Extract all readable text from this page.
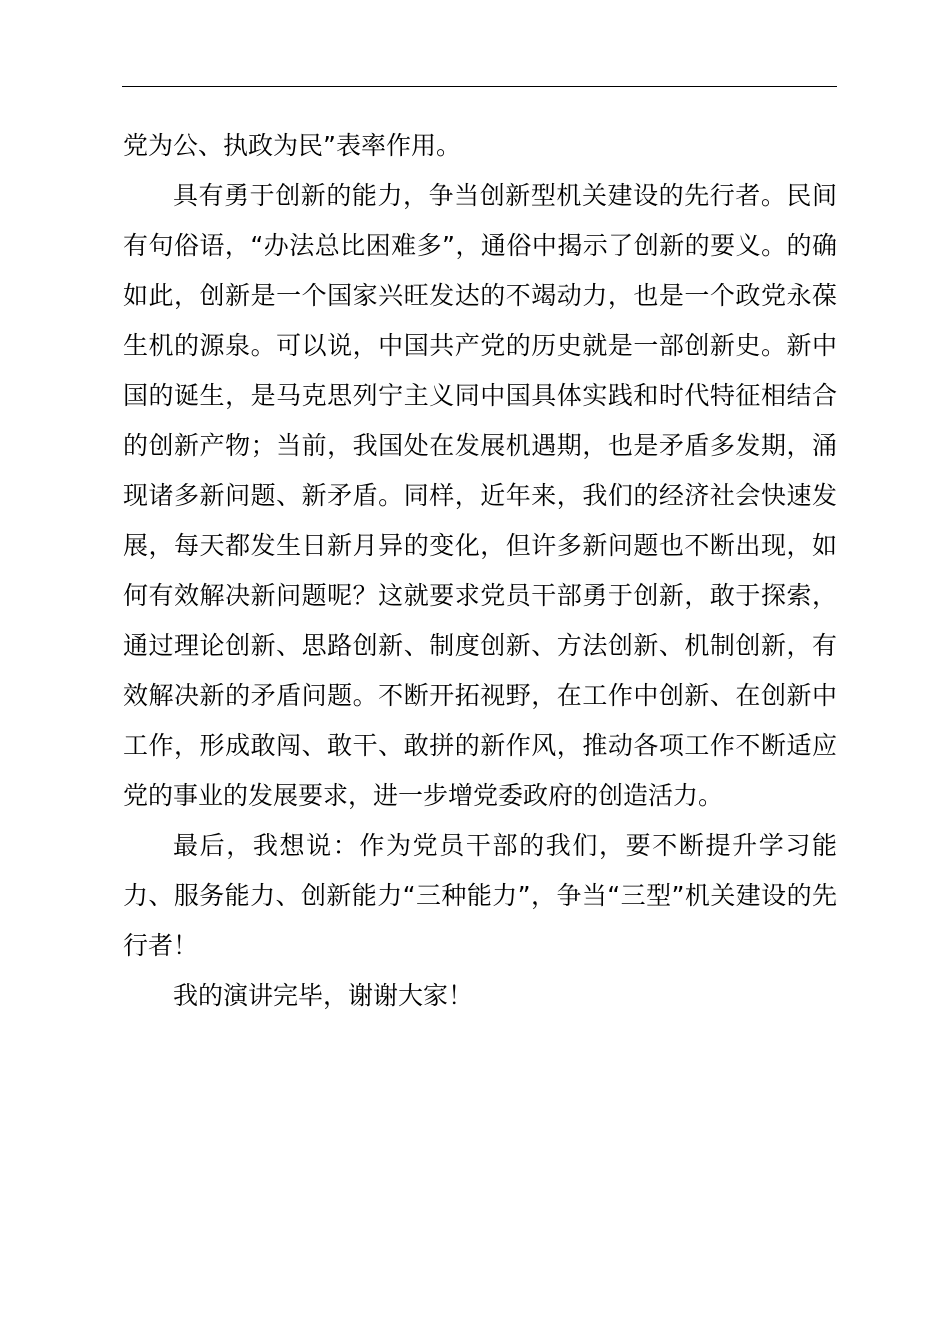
党为公、执政为民”表率作用。

具有勇于创新的能力，争当创新型机关建设的先行者。民间有句俗语，“办法总比困难多”，通俗中揭示了创新的要义。的确如此，创新是一个国家兴旺发达的不竭动力，也是一个政党永葆生机的源泉。可以说，中国共产党的历史就是一部创新史。新中国的诞生，是马克思列宁主义同中国具体实践和时代特征相结合的创新产物；当前，我国处在发展机遇期，也是矛盾多发期，涌现诸多新问题、新矛盾。同样，近年来，我们的经济社会快速发展，每天都发生日新月异的变化，但许多新问题也不断出现，如何有效解决新问题呢？这就要求党员干部勇于创新，敢于探索，通过理论创新、思路创新、制度创新、方法创新、机制创新，有效解决新的矛盾问题。不断开拓视野，在工作中创新、在创新中工作，形成敢闯、敢干、敢拼的新作风，推动各项工作不断适应党的事业的发展要求，进一步增党委政府的创造活力。

最后，我想说：作为党员干部的我们，要不断提升学习能力、服务能力、创新能力“三种能力”，争当“三型”机关建设的先行者！

我的演讲完毕，谢谢大家！
